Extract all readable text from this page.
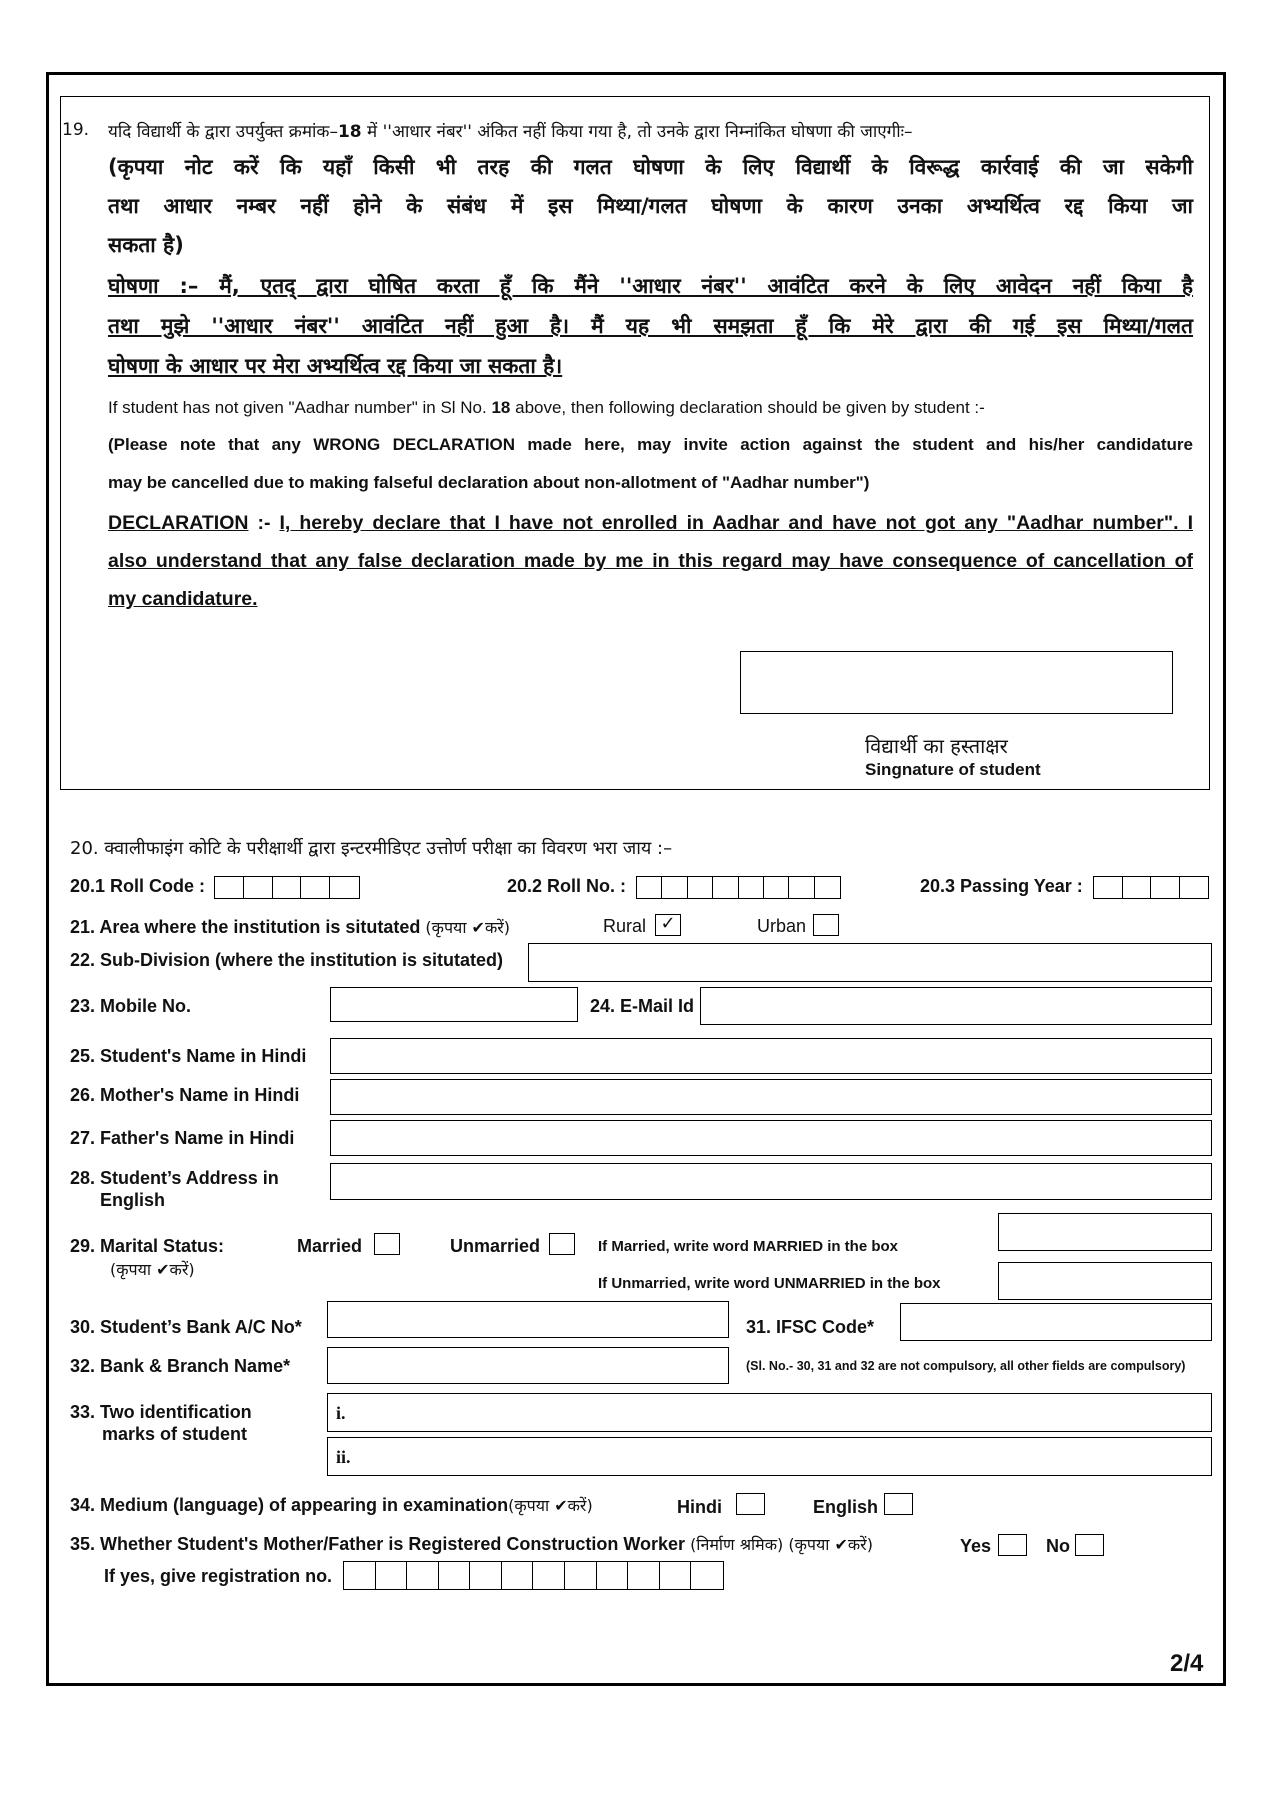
19. यदि विद्यार्थी के द्वारा उपर्युक्त क्रमांक–18 में ''आधार नंबर'' अंकित नहीं किया गया है, तो उनके द्वारा निम्नांकित घोषणा की जाएगीः–
(कृपया नोट करें कि यहाँ किसी भी तरह की गलत घोषणा के लिए विद्यार्थी के विरूद्ध कार्रवाई की जा सकेगी
तथा आधार नम्बर नहीं होने के संबंध में इस मिथ्या/गलत घोषणा के कारण उनका अभ्यर्थित्व रद्द किया जा
सकता है)
घोषणा :– मैं, एतद् द्वारा घोषित करता हूँ कि मैंने ''आधार नंबर'' आवंटित करने के लिए आवेदन नहीं किया है
तथा मुझे ''आधार नंबर'' आवंटित नहीं हुआ है। मैं यह भी समझता हूँ कि मेरे द्वारा की गई इस मिथ्या/गलत
घोषणा के आधार पर मेरा अभ्यर्थित्व रद्द किया जा सकता है।
If student has not given "Aadhar number" in Sl No. 18 above, then following declaration should be given by student :-
(Please note that any WRONG DECLARATION made here, may invite action against the student and his/her candidature
may be cancelled due to making falseful declaration about non-allotment of "Aadhar number")
DECLARATION :- I, hereby declare that I have not enrolled in Aadhar and have not got any "Aadhar number". I
also understand that any false declaration made by me in this regard may have consequence of cancellation of
my candidature.
विद्यार्थी का हस्ताक्षर
Singnature of student
20. क्वालीफाइंग कोटि के परीक्षार्थी द्वारा इन्टरमीडिएट उत्तोर्ण परीक्षा का विवरण भरा जाय :–
20.1 Roll Code :	20.2 Roll No. :	20.3 Passing Year :
21. Area where the institution is situtated (कृपया ✔करें)	Rural ✓	Urban
22. Sub-Division (where the institution is situtated)
23. Mobile No.	24. E-Mail Id
25. Student's Name in Hindi
26. Mother's Name in Hindi
27. Father's Name in Hindi
28. Student’s Address in
English
29. Marital Status:
(कृपया ✔करें)
Married	Unmarried	If Married, write word MARRIED in the box
If Unmarried, write word UNMARRIED in the box
30. Student’s Bank A/C No*	31. IFSC Code*
32. Bank & Branch Name*	(Sl. No.- 30, 31 and 32 are not compulsory, all other fields are compulsory)
33. Two identification
marks of student
i.
ii.
34. Medium (language) of appearing in examination(कृपया ✔करें)	Hindi	English
35. Whether Student's Mother/Father is Registered Construction Worker (निर्माण श्रमिक) (कृपया ✔करें)	Yes	No
If yes, give registration no.
2/4
